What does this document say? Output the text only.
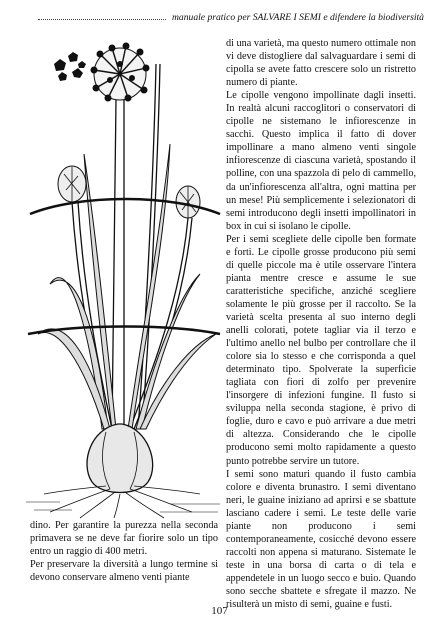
manuale pratico per SALVARE I SEMI e difendere la biodiversità

dino. Per garantire la purezza nella seconda primavera se ne deve far fiorire solo un tipo entro un raggio di 400 metri.

Per preservare la diversità a lungo termine si devono conservare almeno venti piante

di una varietà, ma questo numero ottimale non vi deve distogliere dal salvaguardare i semi di cipolla se avete fatto crescere solo un ristretto numero di piante.

Le cipolle vengono impollinate dagli insetti. In realtà alcuni raccoglitori o conservatori di cipolle ne sistemano le infiorescenze in sacchi. Questo implica il fatto di dover impollinare a mano almeno venti singole infiorescenze di ciascuna varietà, spostando il polline, con una spazzola di pelo di cammello, da un'infiorescenza all'altra, ogni mattina per un mese! Più semplicemente i selezionatori di semi introducono degli insetti impollinatori in box in cui si isolano le cipolle.

Per i semi scegliete delle cipolle ben formate e forti. Le cipolle grosse producono più semi di quelle piccole ma è utile osservare l'intera pianta mentre cresce e assume le sue caratteristiche specifiche, anziché scegliere solamente le più grosse per il raccolto. Se la varietà scelta presenta al suo interno degli anelli colorati, potete tagliar via il terzo e l'ultimo anello nel bulbo per controllare che il colore sia lo stesso e che corrisponda a quel determinato tipo. Spolverate la superficie tagliata con fiori di zolfo per prevenire l'insorgere di infezioni fungine. Il fusto si sviluppa nella seconda stagione, è privo di foglie, duro e cavo e può arrivare a due metri di altezza. Considerando che le cipolle producono semi molto rapidamente a questo punto potrebbe servire un tutore.

I semi sono maturi quando il fusto cambia colore e diventa brunastro. I semi diventano neri, le guaine iniziano ad aprirsi e se sbattute lasciano cadere i semi. Le teste delle varie piante non producono i semi contemporaneamente, cosicché devono essere raccolti non appena si maturano. Sistemate le teste in una borsa di carta o di tela e appendetele in un luogo secco e buio. Quando sono secche sbattete e sfregate il mazzo. Ne risulterà un misto di semi, guaine e fusti.

107
